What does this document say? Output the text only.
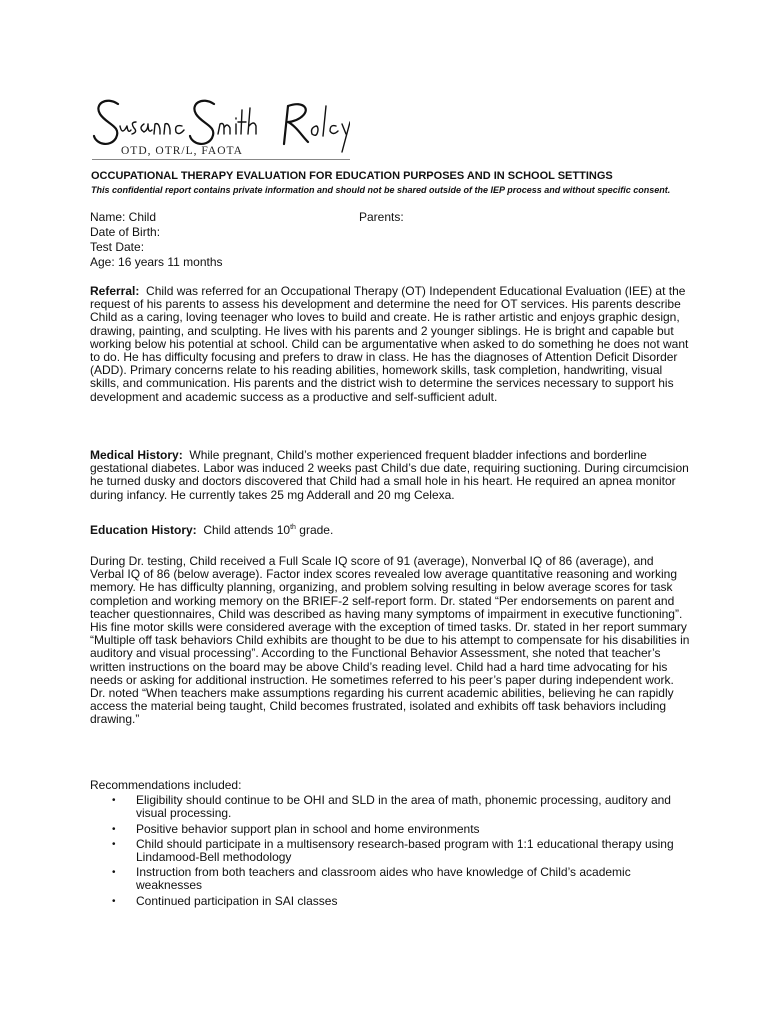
OTD, OTR/L, FAOTA
OCCUPATIONAL THERAPY EVALUATION FOR EDUCATION PURPOSES AND IN SCHOOL SETTINGS
This confidential report contains private information and should not be shared outside of the IEP process and without specific consent.
Name: Child
Date of Birth:
Test Date:
Age: 16 years 11 months
Parents:
Referral: Child was referred for an Occupational Therapy (OT) Independent Educational Evaluation (IEE) at the request of his parents to assess his development and determine the need for OT services. His parents describe Child as a caring, loving teenager who loves to build and create. He is rather artistic and enjoys graphic design, drawing, painting, and sculpting. He lives with his parents and 2 younger siblings. He is bright and capable but working below his potential at school. Child can be argumentative when asked to do something he does not want to do. He has difficulty focusing and prefers to draw in class. He has the diagnoses of Attention Deficit Disorder (ADD). Primary concerns relate to his reading abilities, homework skills, task completion, handwriting, visual skills, and communication. His parents and the district wish to determine the services necessary to support his development and academic success as a productive and self-sufficient adult.
Medical History: While pregnant, Child’s mother experienced frequent bladder infections and borderline gestational diabetes. Labor was induced 2 weeks past Child’s due date, requiring suctioning. During circumcision he turned dusky and doctors discovered that Child had a small hole in his heart. He required an apnea monitor during infancy. He currently takes 25 mg Adderall and 20 mg Celexa.
Education History: Child attends 10th grade.
During Dr. testing, Child received a Full Scale IQ score of 91 (average), Nonverbal IQ of 86 (average), and Verbal IQ of 86 (below average). Factor index scores revealed low average quantitative reasoning and working memory. He has difficulty planning, organizing, and problem solving resulting in below average scores for task completion and working memory on the BRIEF-2 self-report form. Dr. stated “Per endorsements on parent and teacher questionnaires, Child was described as having many symptoms of impairment in executive functioning”. His fine motor skills were considered average with the exception of timed tasks. Dr. stated in her report summary “Multiple off task behaviors Child exhibits are thought to be due to his attempt to compensate for his disabilities in auditory and visual processing”. According to the Functional Behavior Assessment, she noted that teacher’s written instructions on the board may be above Child’s reading level. Child had a hard time advocating for his needs or asking for additional instruction. He sometimes referred to his peer’s paper during independent work. Dr. noted “When teachers make assumptions regarding his current academic abilities, believing he can rapidly access the material being taught, Child becomes frustrated, isolated and exhibits off task behaviors including drawing.”
Recommendations included:
• Eligibility should continue to be OHI and SLD in the area of math, phonemic processing, auditory and visual processing.
• Positive behavior support plan in school and home environments
• Child should participate in a multisensory research-based program with 1:1 educational therapy using Lindamood-Bell methodology
• Instruction from both teachers and classroom aides who have knowledge of Child’s academic weaknesses
• Continued participation in SAI classes
